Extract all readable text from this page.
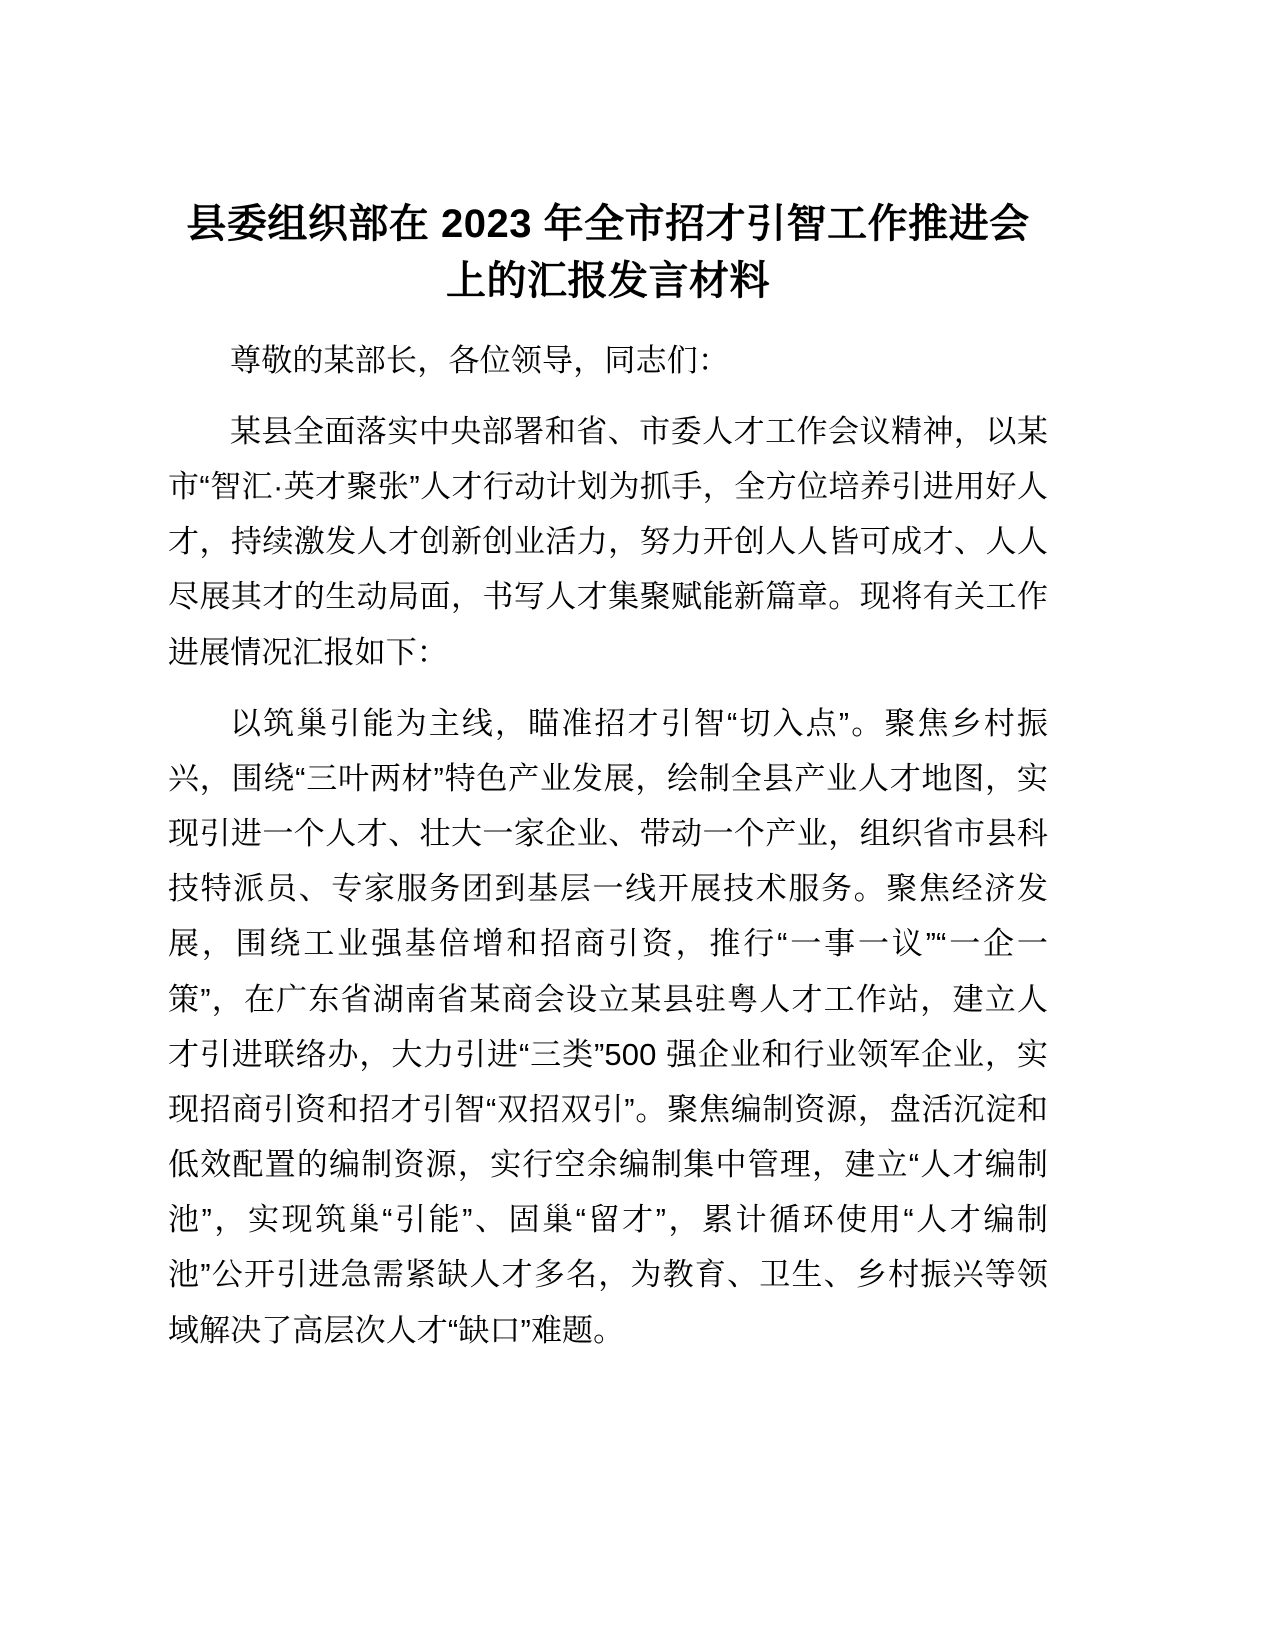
县委组织部在 2023 年全市招才引智工作推进会 上的汇报发言材料

尊敬的某部长，各位领导，同志们：

某县全面落实中央部署和省、市委人才工作会议精神，以某市“智汇·英才聚张”人才行动计划为抓手，全方位培养引进用好人才，持续激发人才创新创业活力，努力开创人人皆可成才、人人尽展其才的生动局面，书写人才集聚赋能新篇章。现将有关工作进展情况汇报如下：

以筑巢引能为主线，瞄准招才引智“切入点”。聚焦乡村振兴，围绕“三叶两材”特色产业发展，绘制全县产业人才地图，实现引进一个人才、壮大一家企业、带动一个产业，组织省市县科技特派员、专家服务团到基层一线开展技术服务。聚焦经济发展，围绕工业强基倍增和招商引资，推行“一事一议”“一企一策”，在广东省湖南省某商会设立某县驻粤人才工作站，建立人才引进联络办，大力引进“三类”500 强企业和行业领军企业，实现招商引资和招才引智“双招双引”。聚焦编制资源，盘活沉淀和低效配置的编制资源，实行空余编制集中管理，建立“人才编制池”，实现筑巢“引能”、固巢“留才”，累计循环使用“人才编制池”公开引进急需紧缺人才多名，为教育、卫生、乡村振兴等领域解决了高层次人才“缺口”难题。
